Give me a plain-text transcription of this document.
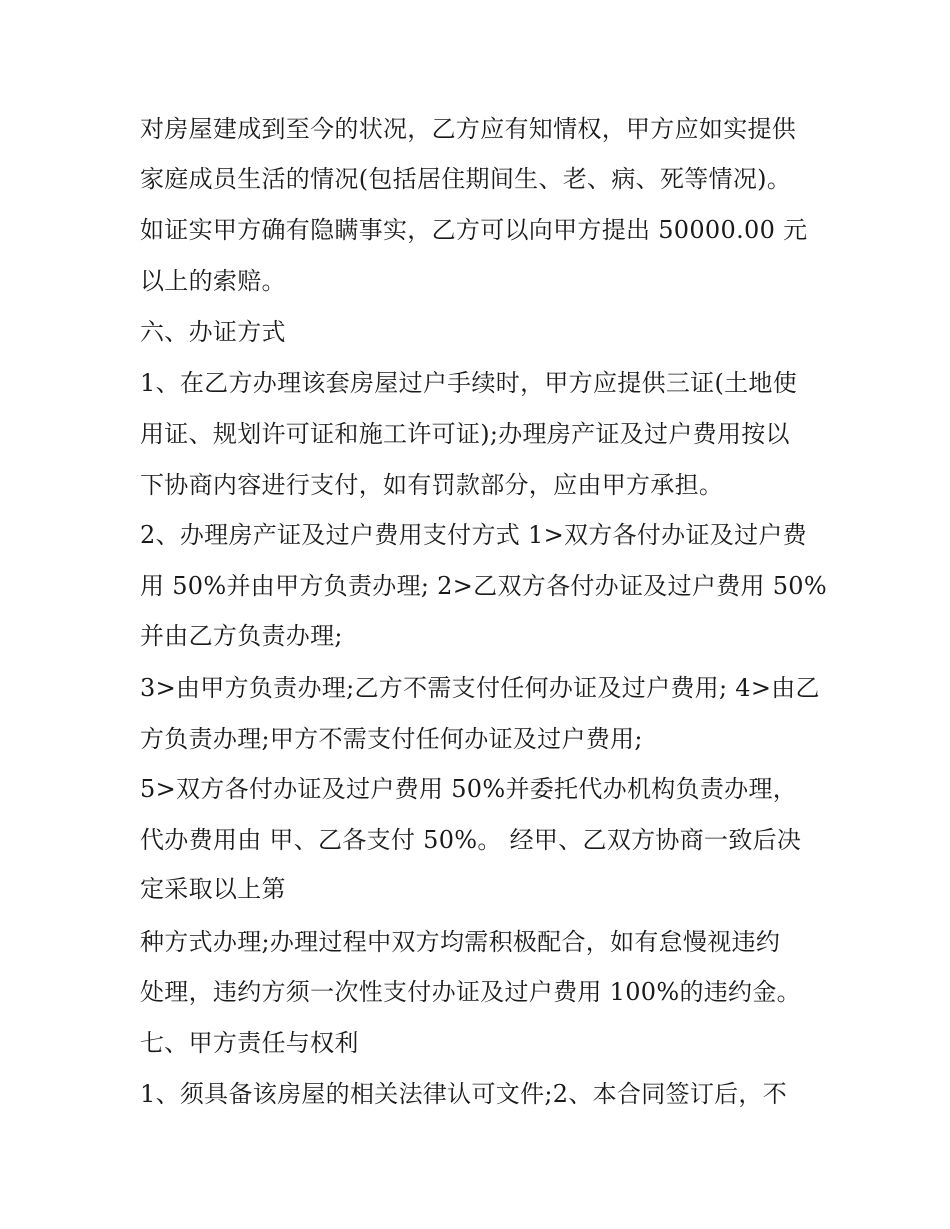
对房屋建成到至今的状况，乙方应有知情权，甲方应如实提供

家庭成员生活的情况(包括居住期间生、老、病、死等情况)。

如证实甲方确有隐瞒事实，乙方可以向甲方提出 50000.00 元

以上的索赔。

六、办证方式

1、在乙方办理该套房屋过户手续时，甲方应提供三证(土地使

用证、规划许可证和施工许可证);办理房产证及过户费用按以

下协商内容进行支付，如有罚款部分，应由甲方承担。

2、办理房产证及过户费用支付方式 1>双方各付办证及过户费

用 50%并由甲方负责办理; 2>乙双方各付办证及过户费用 50%

并由乙方负责办理;

3>由甲方负责办理;乙方不需支付任何办证及过户费用; 4>由乙

方负责办理;甲方不需支付任何办证及过户费用;

5>双方各付办证及过户费用 50%并委托代办机构负责办理，

代办费用由 甲、乙各支付 50%。 经甲、乙双方协商一致后决

定采取以上第

种方式办理;办理过程中双方均需积极配合，如有怠慢视违约

处理，违约方须一次性支付办证及过户费用 100%的违约金。

七、甲方责任与权利

1、须具备该房屋的相关法律认可文件;2、本合同签订后，不
